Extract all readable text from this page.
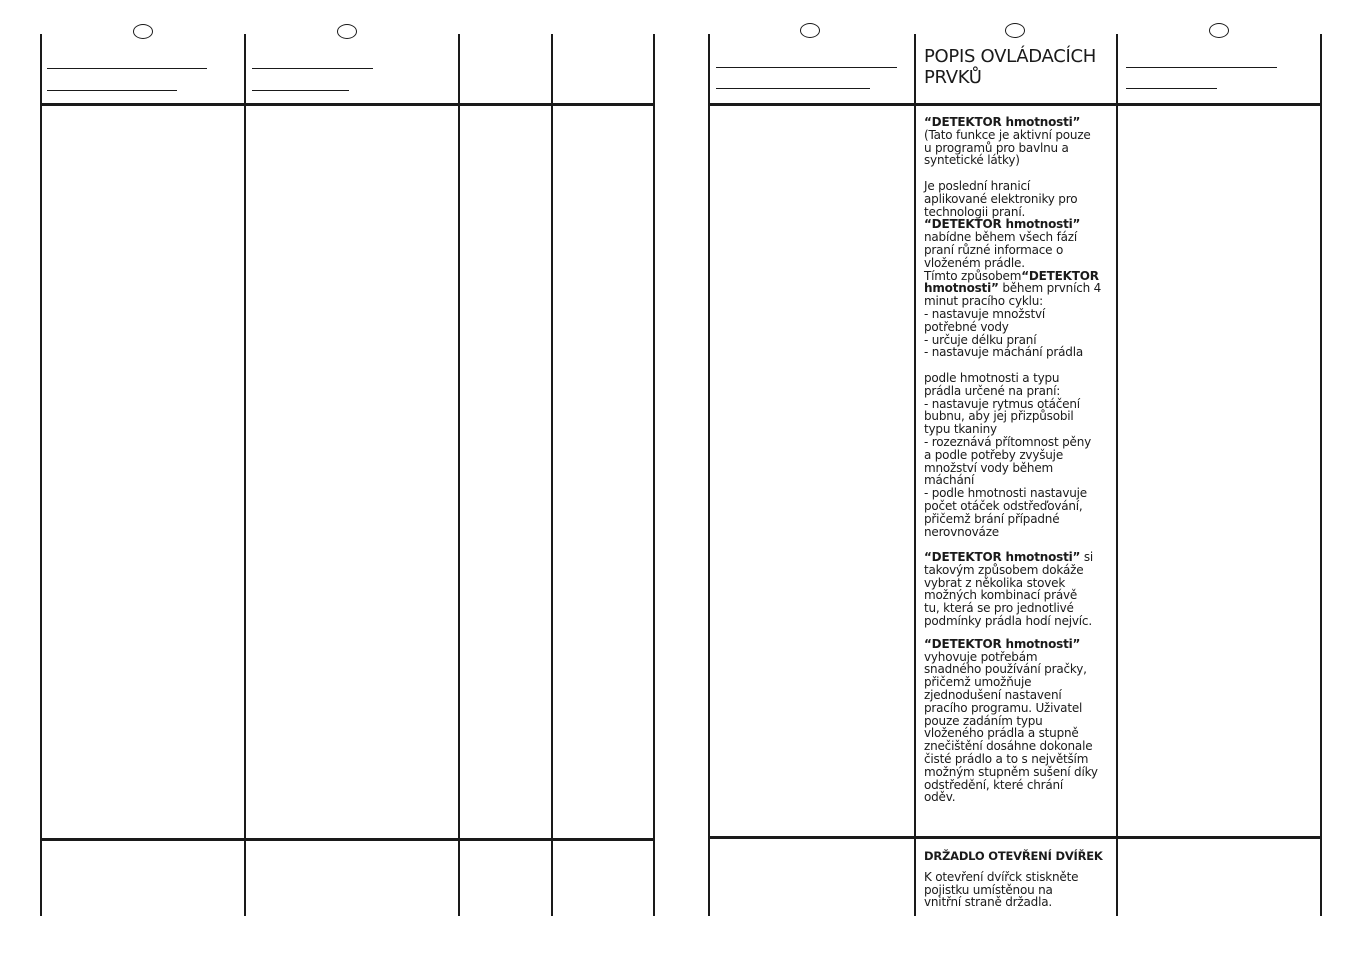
POPIS OVLÁDACÍCH PRVKŮ

“DETEKTOR hmotnosti”
(Tato funkce je aktivní pouze
u programů pro bavlnu a
syntetické látky)

Je poslední hranicí
aplikované elektroniky pro
technologii praní.
“DETEKTOR hmotnosti”
nabídne během všech fází
praní různé informace o
vloženém prádle.
Tímto způsobem“DETEKTOR
hmotnosti” během prvních 4
minut pracího cyklu:
- nastavuje množství
potřebné vody
- určuje délku praní
- nastavuje máchání prádla

podle hmotnosti a typu
prádla určené na praní:
- nastavuje rytmus otáčení
bubnu, aby jej přizpůsobil
typu tkaniny
- rozeznává přítomnost pěny
a podle potřeby zvyšuje
množství vody během
máchání
- podle hmotnosti nastavuje
počet otáček odstřeďování,
přičemž brání případné
nerovnováze

“DETEKTOR hmotnosti” si
takovým způsobem dokáže
vybrat z několika stovek
možných kombinací právě
tu, která se pro jednotlivé
podmínky prádla hodí nejvíc.

“DETEKTOR hmotnosti”
vyhovuje potřebám
snadného používání pračky,
přičemž umožňuje
zjednodušení nastavení
pracího programu. Uživatel
pouze zadáním typu
vloženého prádla a stupně
znečištění dosáhne dokonale
čisté prádlo a to s největším
možným stupněm sušení díky
odstředění, které chrání
oděv.

DRŽADLO OTEVŘENÍ DVÍŘEK

K otevření dvířck stiskněte
pojistku umístěnou na
vnitřní straně držadla.
